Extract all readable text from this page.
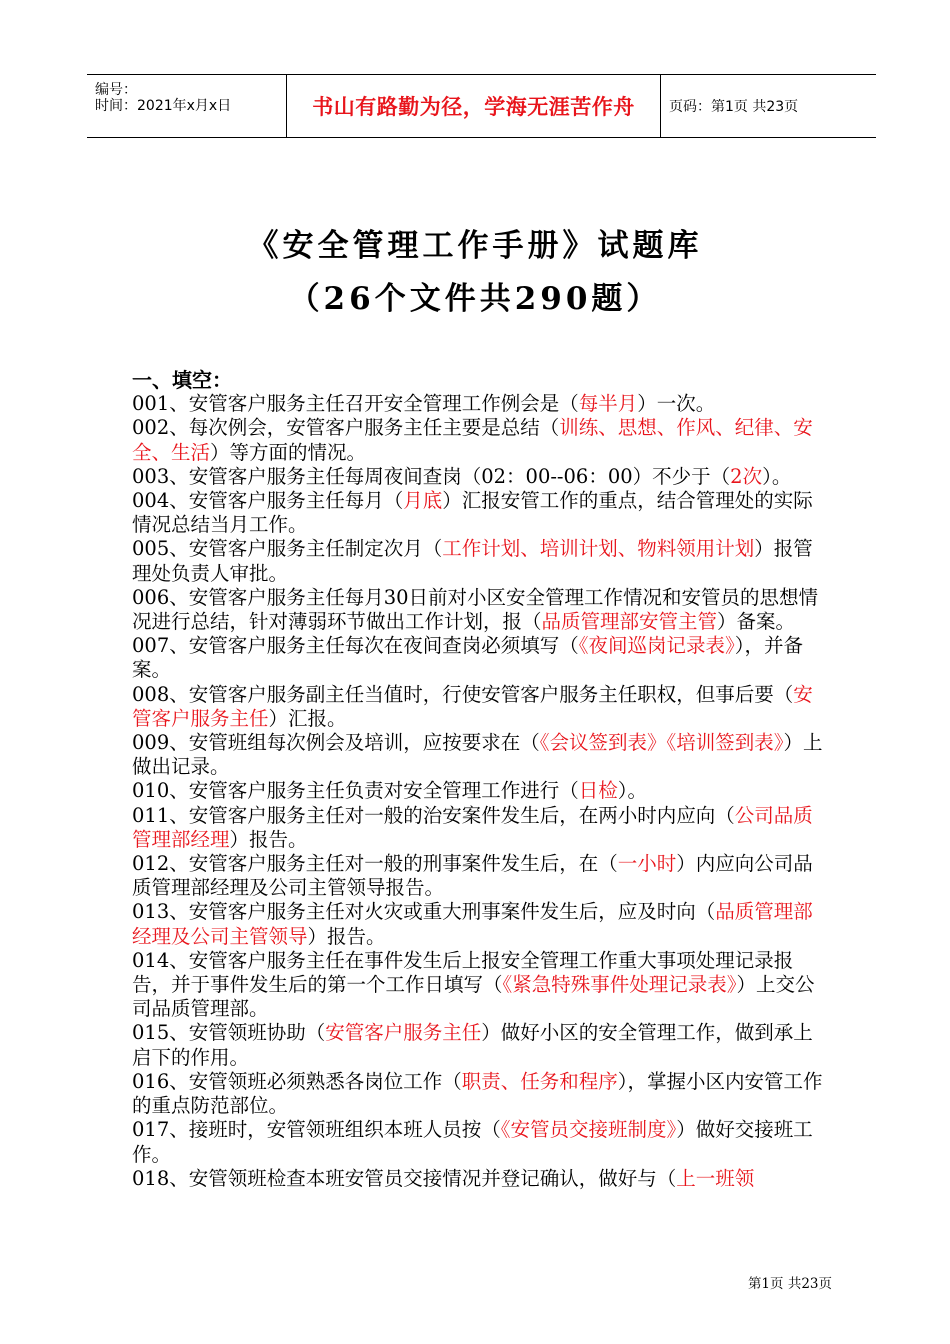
编号：
时间：2021年x月x日	书山有路勤为径，学海无涯苦作舟	页码：第1页 共23页
《安全管理工作手册》试题库
（26个文件共290题）
一、填空：

001、安管客户服务主任召开安全管理工作例会是（每半月）一次。

002、每次例会，安管客户服务主任主要是总结（训练、思想、作风、纪律、安全、生活）等方面的情况。

003、安管客户服务主任每周夜间查岗（02：00--06：00）不少于（2次）。

004、安管客户服务主任每月（月底）汇报安管工作的重点，结合管理处的实际情况总结当月工作。

005、安管客户服务主任制定次月（工作计划、培训计划、物料领用计划）报管理处负责人审批。

006、安管客户服务主任每月30日前对小区安全管理工作情况和安管员的思想情况进行总结，针对薄弱环节做出工作计划，报（品质管理部安管主管）备案。

007、安管客户服务主任每次在夜间查岗必须填写（《夜间巡岗记录表》），并备案。

008、安管客户服务副主任当值时，行使安管客户服务主任职权，但事后要（安管客户服务主任）汇报。

009、安管班组每次例会及培训，应按要求在（《会议签到表》《培训签到表》）上做出记录。

010、安管客户服务主任负责对安全管理工作进行（日检）。

011、安管客户服务主任对一般的治安案件发生后，在两小时内应向（公司品质管理部经理）报告。

012、安管客户服务主任对一般的刑事案件发生后，在（一小时）内应向公司品质管理部经理及公司主管领导报告。

013、安管客户服务主任对火灾或重大刑事案件发生后，应及时向（品质管理部经理及公司主管领导）报告。

014、安管客户服务主任在事件发生后上报安全管理工作重大事项处理记录报告，并于事件发生后的第一个工作日填写（《紧急特殊事件处理记录表》）上交公司品质管理部。

015、安管领班协助（安管客户服务主任）做好小区的安全管理工作，做到承上启下的作用。

016、安管领班必须熟悉各岗位工作（职责、任务和程序），掌握小区内安管工作的重点防范部位。

017、接班时，安管领班组织本班人员按（《安管员交接班制度》）做好交接班工作。

018、安管领班检查本班安管员交接情况并登记确认，做好与（上一班领

第1页 共23页
